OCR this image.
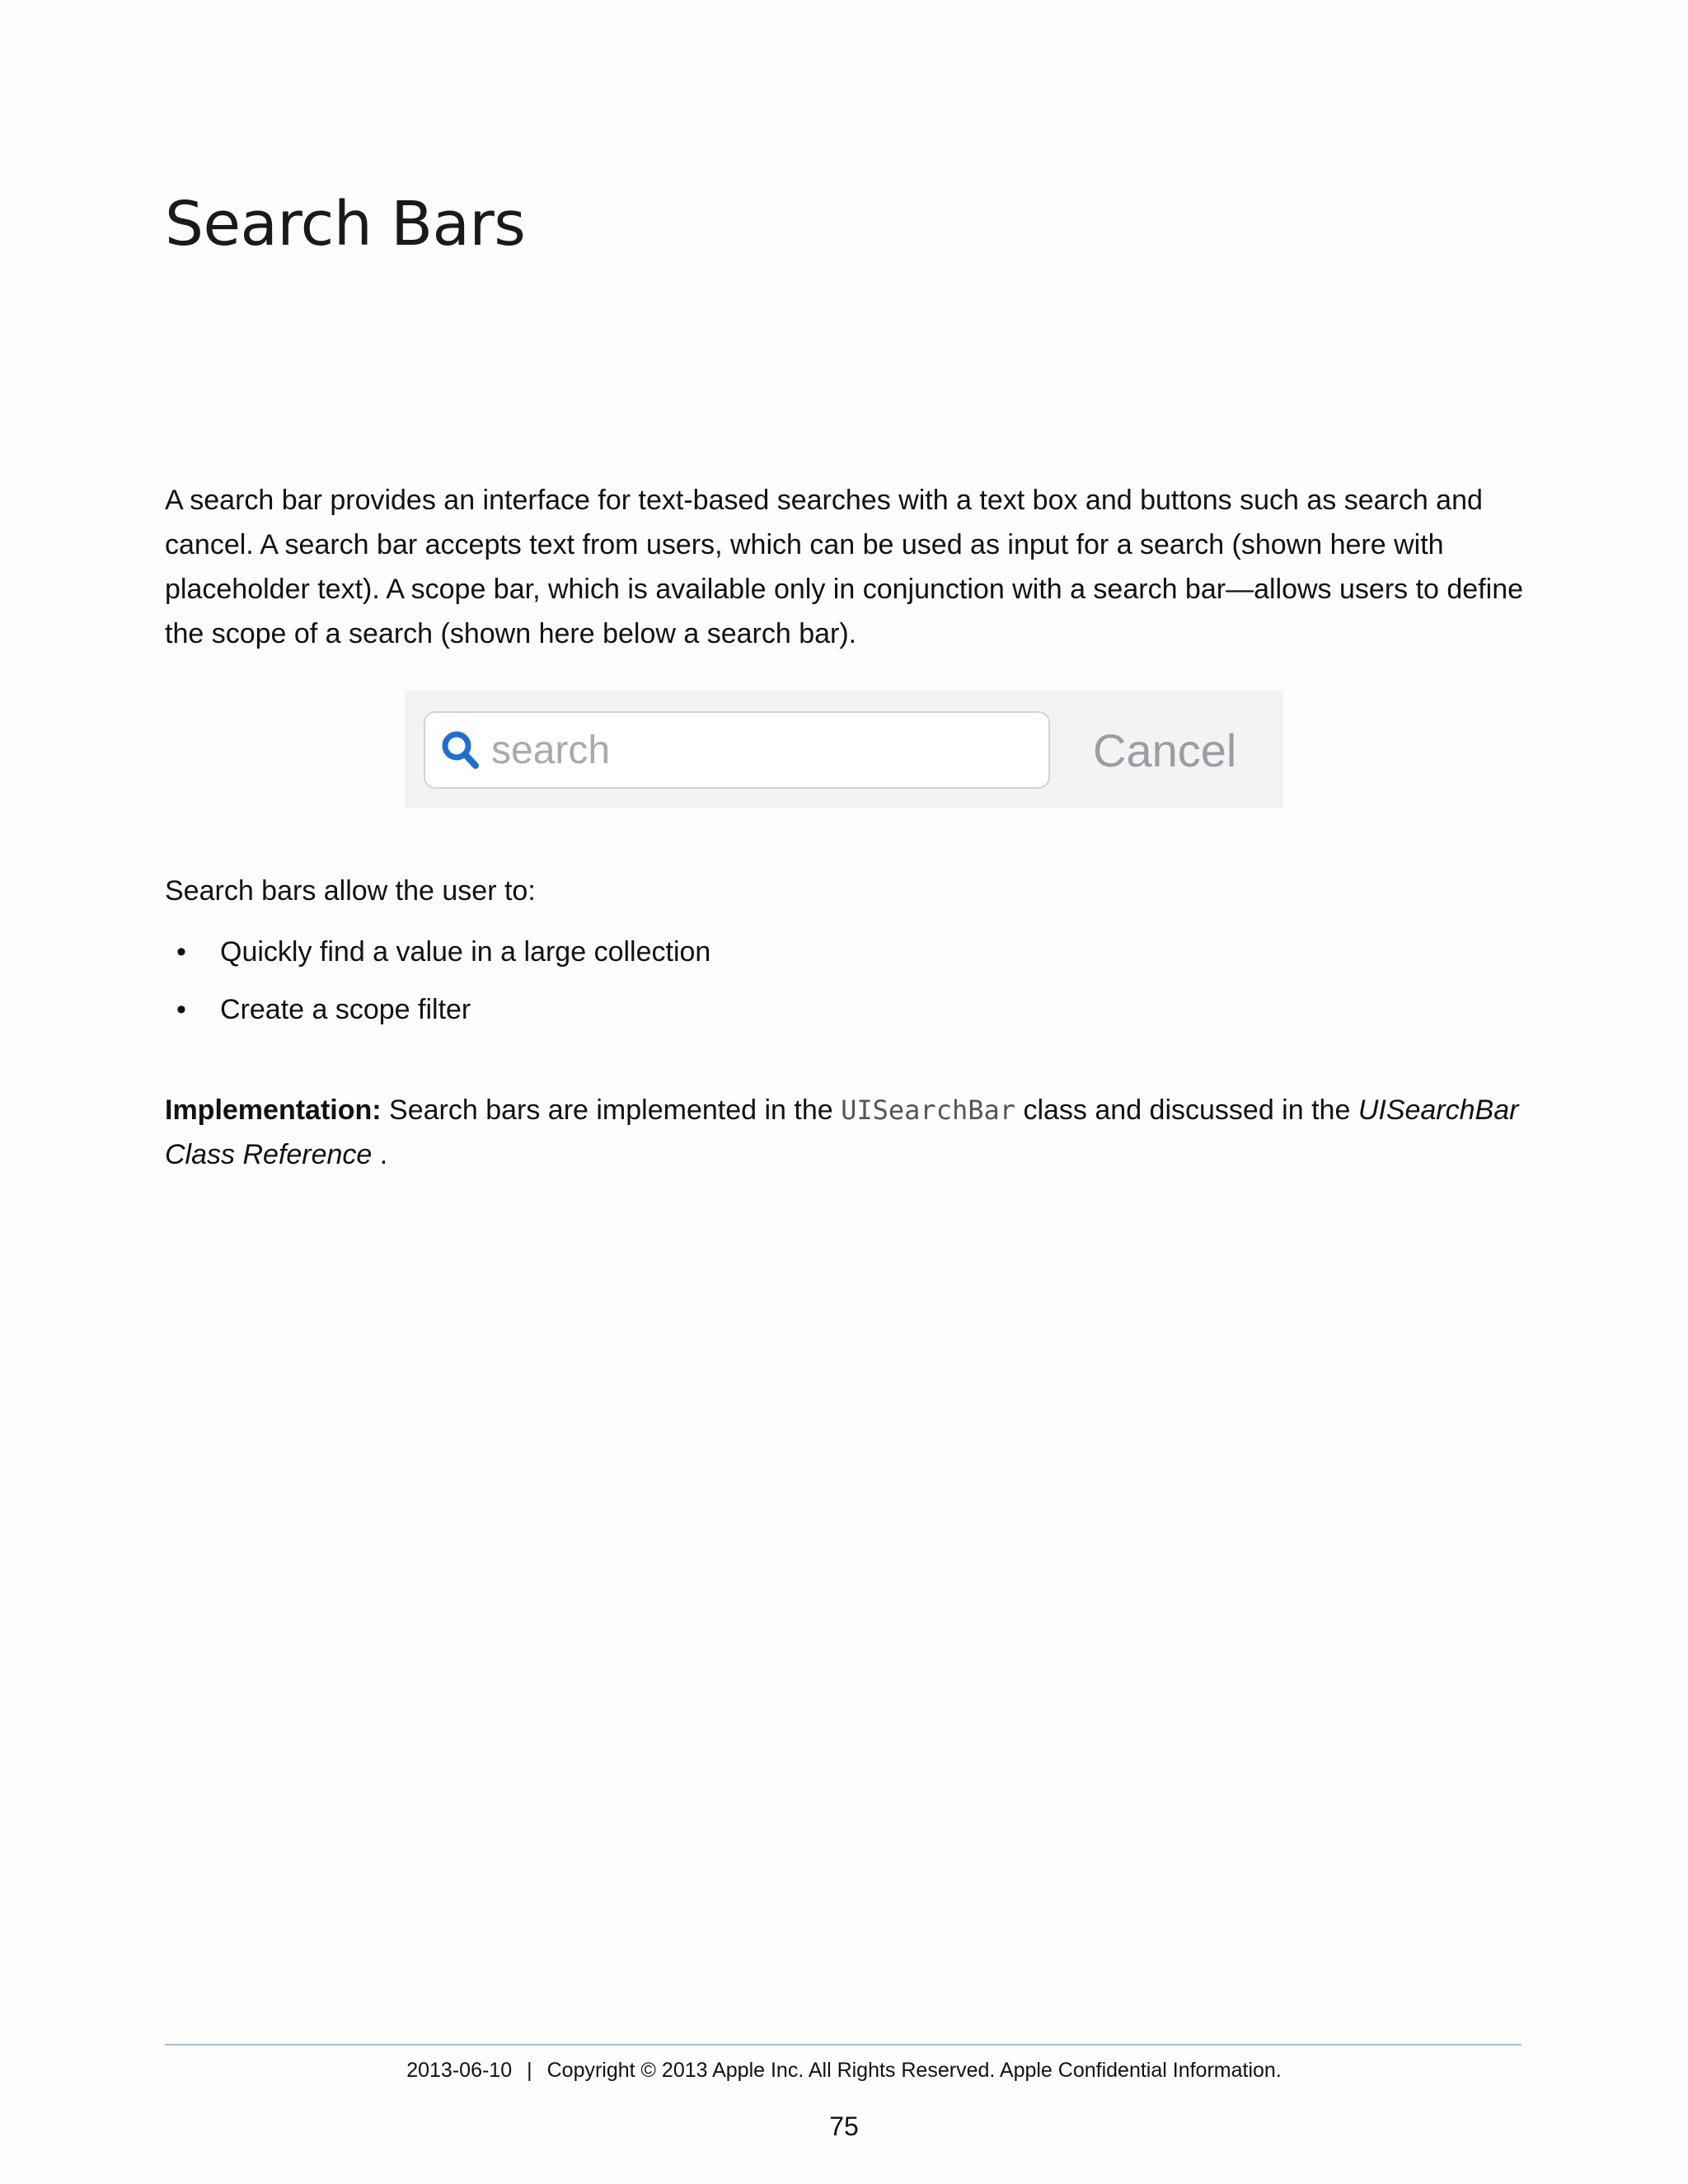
Search Bars

A search bar provides an interface for text-based searches with a text box and buttons such as search and cancel. A search bar accepts text from users, which can be used as input for a search (shown here with placeholder text). A scope bar, which is available only in conjunction with a search bar—allows users to define the scope of a search (shown here below a search bar).

search
Cancel

Search bars allow the user to:

• Quickly find a value in a large collection
• Create a scope filter

Implementation: Search bars are implemented in the UISearchBar class and discussed in the UISearchBar Class Reference .

2013-06-10 | Copyright © 2013 Apple Inc. All Rights Reserved. Apple Confidential Information.
75
